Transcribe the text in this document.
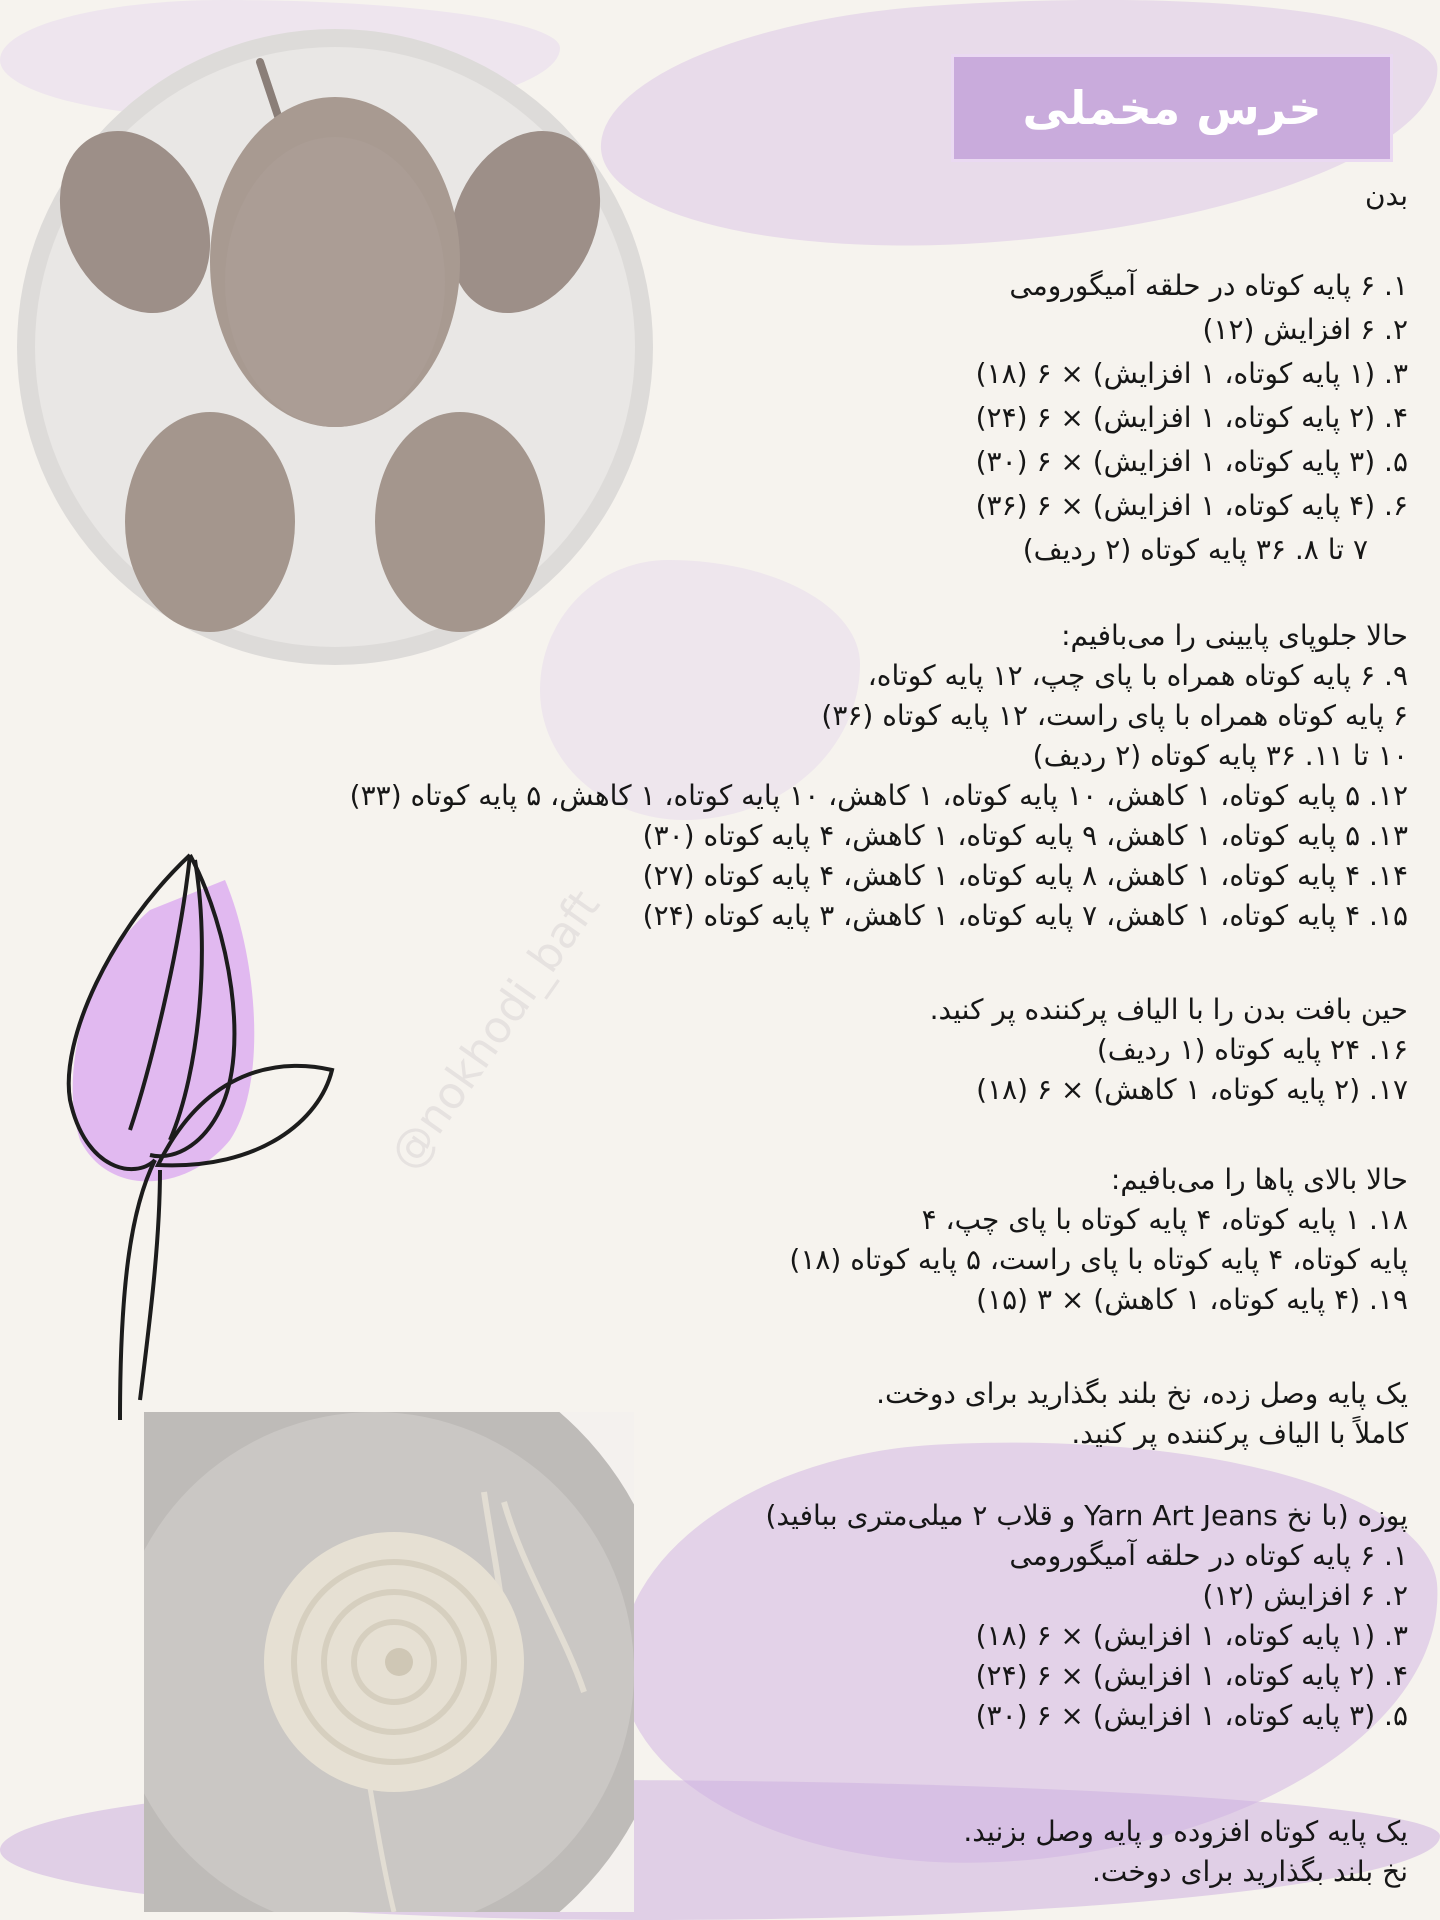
@nokhodi_baft
خرس مخملی
بدن
۱. ۶ پایه کوتاه در حلقه آمیگورومی
۲. ۶ افزایش (۱۲)
۳. (۱ پایه کوتاه، ۱ افزایش) × ۶ (۱۸)
۴. (۲ پایه کوتاه، ۱ افزایش) × ۶ (۲۴)
۵. (۳ پایه کوتاه، ۱ افزایش) × ۶ (۳۰)
۶. (۴ پایه کوتاه، ۱ افزایش) × ۶ (۳۶)
۷ تا ۸. ۳۶ پایه کوتاه (۲ ردیف)
حالا جلوپای پایینی را می‌بافیم:
۹. ۶ پایه کوتاه همراه با پای چپ، ۱۲ پایه کوتاه،
۶ پایه کوتاه همراه با پای راست، ۱۲ پایه کوتاه (۳۶)
۱۰ تا ۱۱. ۳۶ پایه کوتاه (۲ ردیف)
۱۲. ۵ پایه کوتاه، ۱ کاهش، ۱۰ پایه کوتاه، ۱ کاهش، ۱۰ پایه کوتاه، ۱ کاهش، ۵ پایه کوتاه (۳۳)
۱۳. ۵ پایه کوتاه، ۱ کاهش، ۹ پایه کوتاه، ۱ کاهش، ۴ پایه کوتاه (۳۰)
۱۴. ۴ پایه کوتاه، ۱ کاهش، ۸ پایه کوتاه، ۱ کاهش، ۴ پایه کوتاه (۲۷)
۱۵. ۴ پایه کوتاه، ۱ کاهش، ۷ پایه کوتاه، ۱ کاهش، ۳ پایه کوتاه (۲۴)
حین بافت بدن را با الیاف پرکننده پر کنید.
۱۶. ۲۴ پایه کوتاه (۱ ردیف)
۱۷. (۲ پایه کوتاه، ۱ کاهش) × ۶ (۱۸)
حالا بالای پاها را می‌بافیم:
۱۸. ۱ پایه کوتاه، ۴ پایه کوتاه با پای چپ، ۴
پایه کوتاه، ۴ پایه کوتاه با پای راست، ۵ پایه کوتاه (۱۸)
۱۹. (۴ پایه کوتاه، ۱ کاهش) × ۳ (۱۵)
یک پایه وصل زده، نخ بلند بگذارید برای دوخت.
کاملاً با الیاف پرکننده پر کنید.
پوزه (با نخ Yarn Art Jeans و قلاب ۲ میلی‌متری ببافید)
۱. ۶ پایه کوتاه در حلقه آمیگورومی
۲. ۶ افزایش (۱۲)
۳. (۱ پایه کوتاه، ۱ افزایش) × ۶ (۱۸)
۴. (۲ پایه کوتاه، ۱ افزایش) × ۶ (۲۴)
۵. (۳ پایه کوتاه، ۱ افزایش) × ۶ (۳۰)
یک پایه کوتاه افزوده و پایه وصل بزنید.
نخ بلند بگذارید برای دوخت.
